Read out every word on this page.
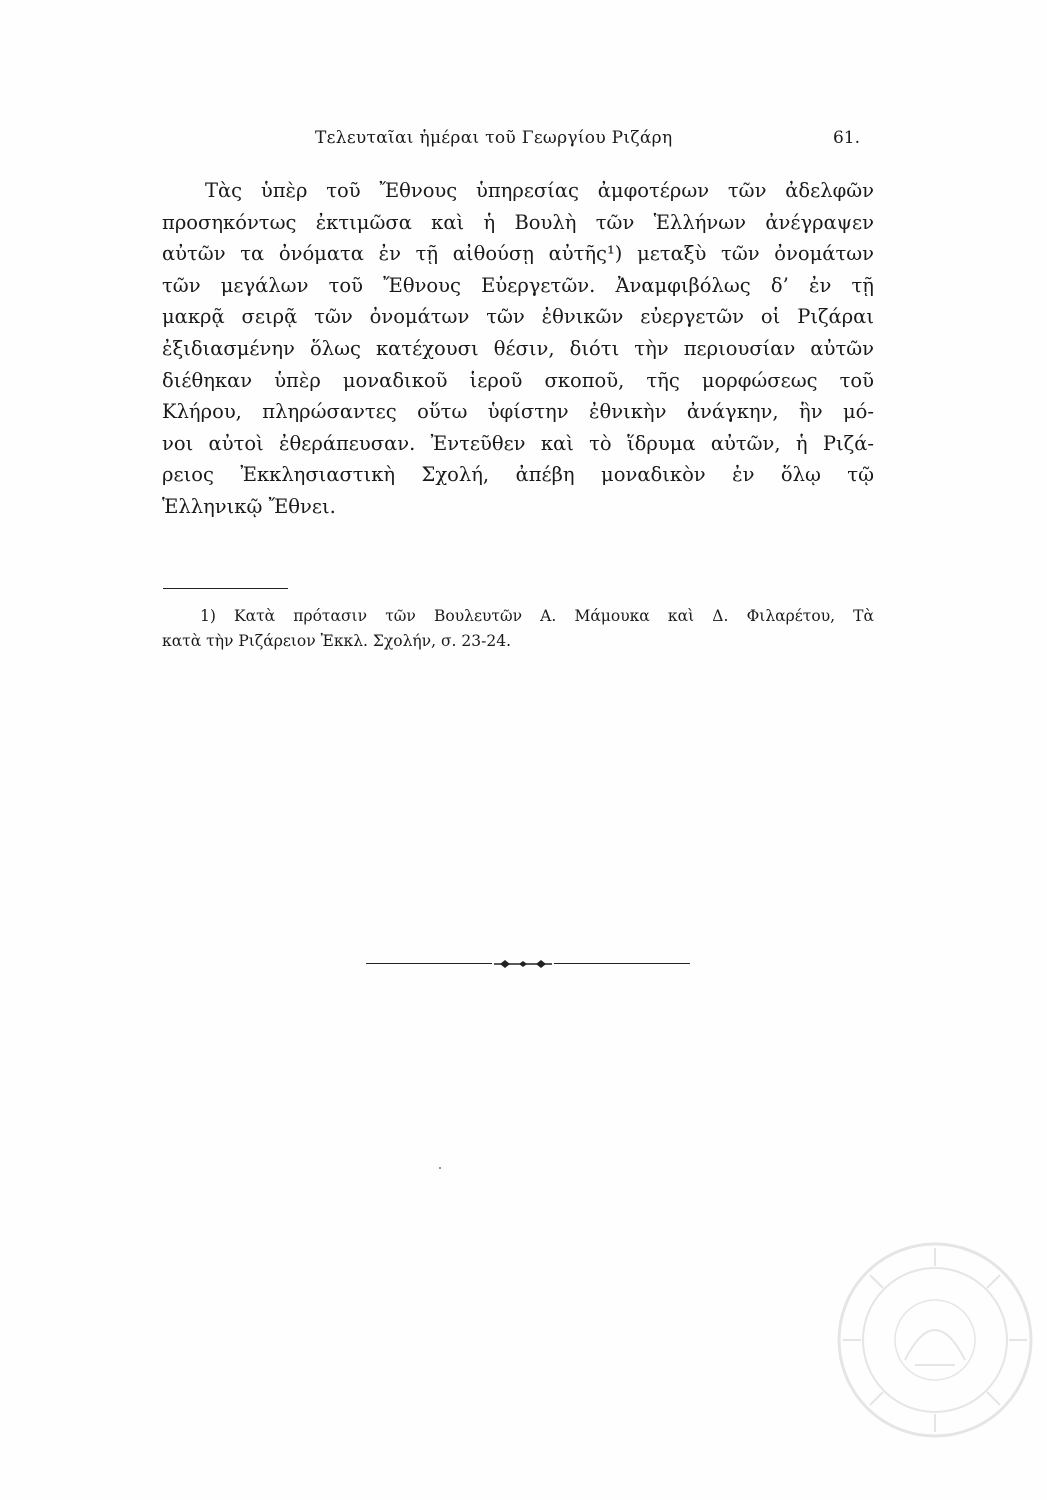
Τελευταῖαι ἡμέραι τοῦ Γεωργίου Ριζάρη	61.

Τὰς ὑπὲρ τοῦ Ἔθνους ὑπηρεσίας ἀμφοτέρων τῶν ἀδελφῶν
προσηκόντως ἐκτιμῶσα καὶ ἡ Βουλὴ τῶν Ἑλλήνων ἀνέγραψεν
αὐτῶν τα ὀνόματα ἐν τῇ αἰθούσῃ αὐτῆς¹) μεταξὺ τῶν ὀνομάτων
τῶν μεγάλων τοῦ Ἔθνους Εὐεργετῶν. Ἀναμφιβόλως δ’ ἐν τῇ
μακρᾷ σειρᾷ τῶν ὀνομάτων τῶν ἐθνικῶν εὐεργετῶν οἱ Ριζάραι
ἐξιδιασμένην ὅλως κατέχουσι θέσιν, διότι τὴν περιουσίαν αὐτῶν
διέθηκαν ὑπὲρ μοναδικοῦ ἱεροῦ σκοποῦ, τῆς μορφώσεως τοῦ
Κλήρου, πληρώσαντες οὕτω ὑφίστην ἐθνικὴν ἀνάγκην, ἣν μό-
νοι αὐτοὶ ἐθεράπευσαν. Ἐντεῦθεν καὶ τὸ ἵδρυμα αὐτῶν, ἡ Ριζά-
ρειος Ἐκκλησιαστικὴ Σχολή, ἀπέβη μοναδικὸν ἐν ὅλῳ τῷ
Ἑλληνικῷ Ἔθνει.

1) Κατὰ πρότασιν τῶν Βουλευτῶν Α. Μάμουκα καὶ Δ. Φιλαρέτου, Τὰ
κατὰ τὴν Ριζάρειον Ἐκκλ. Σχολήν, σ. 23-24.
